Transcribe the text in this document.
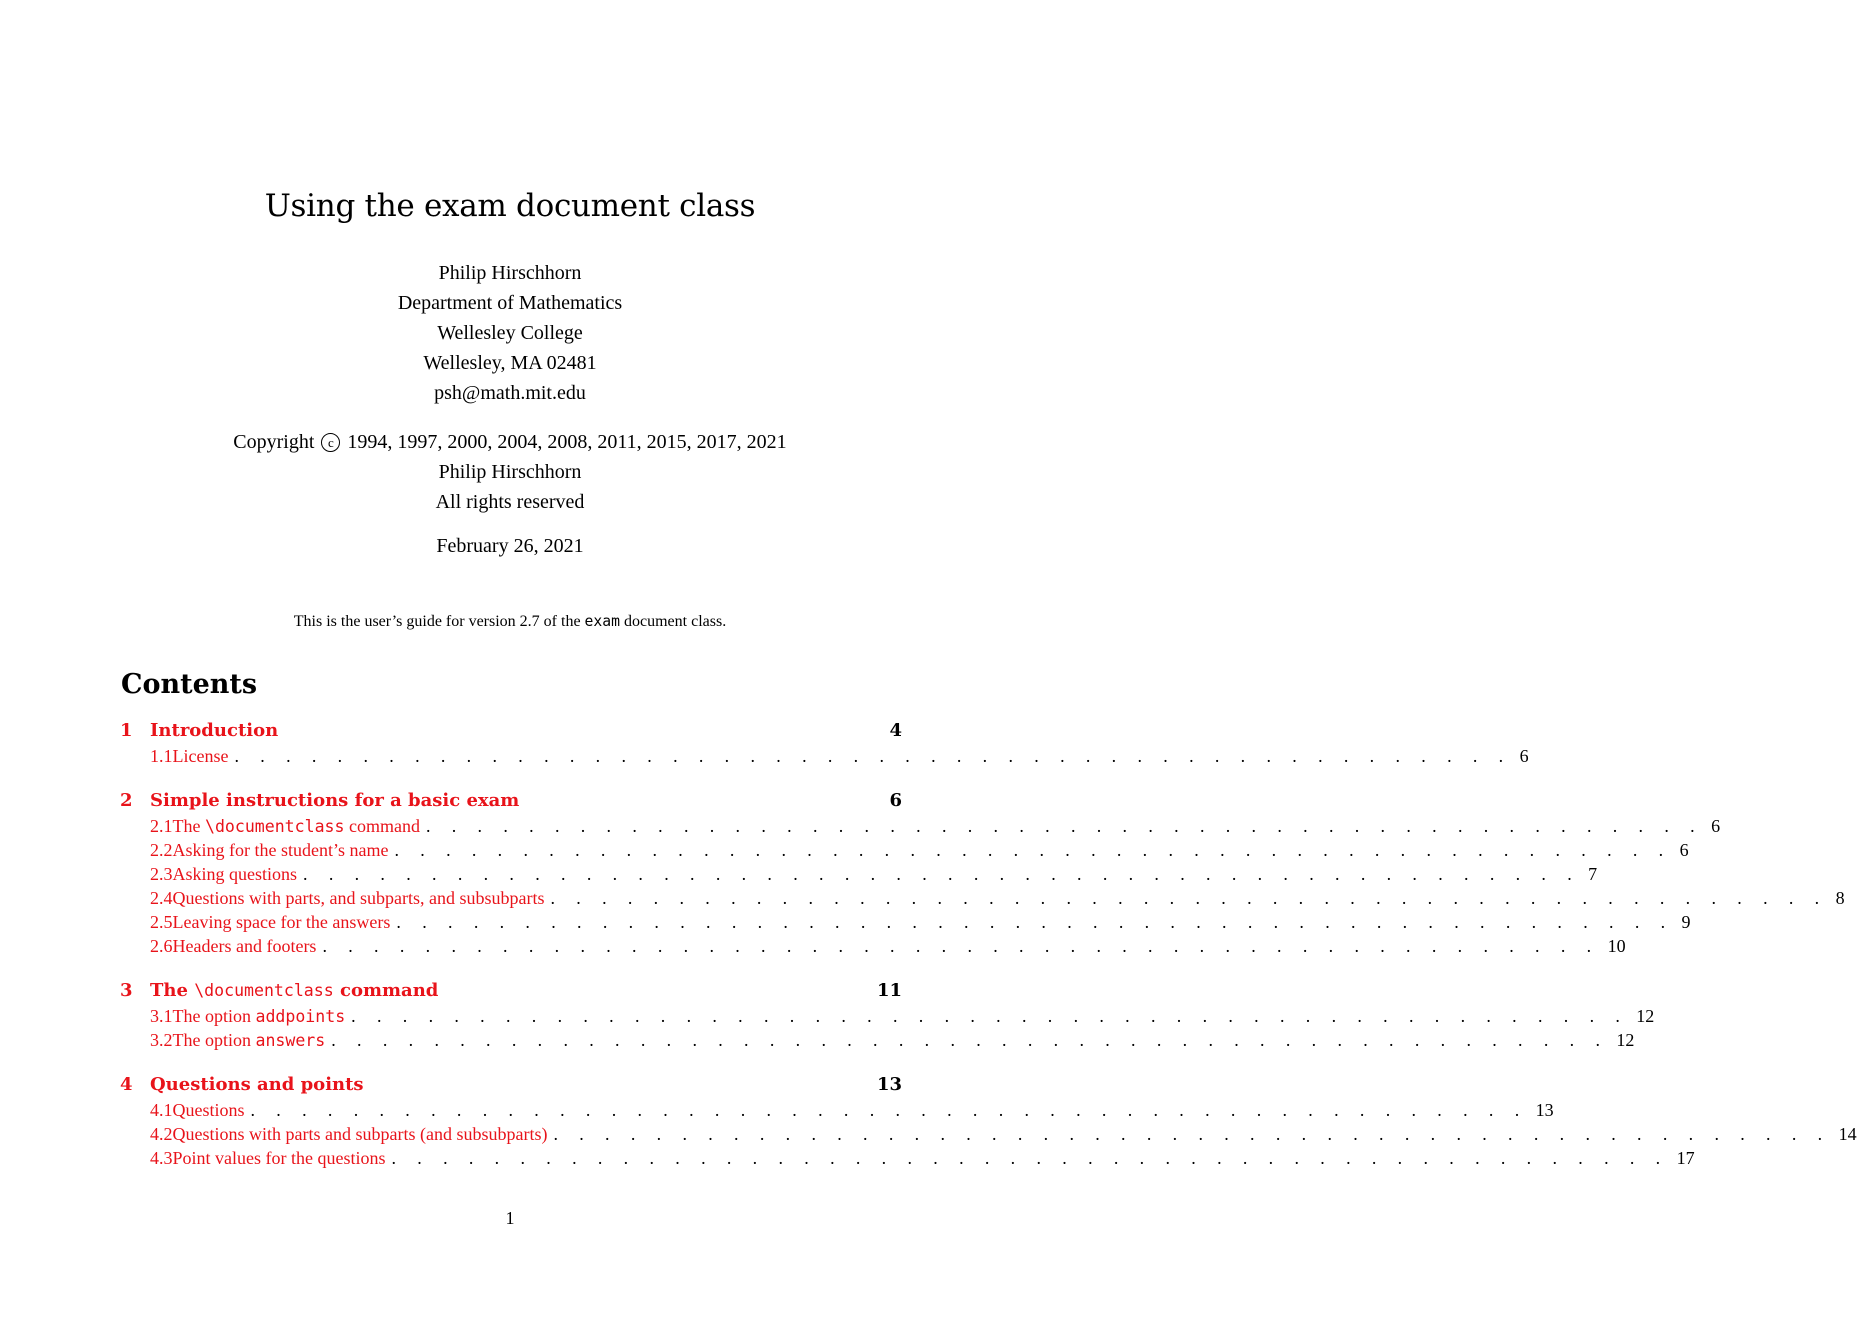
Using the exam document class
Philip Hirschhorn
Department of Mathematics
Wellesley College
Wellesley, MA 02481
psh@math.mit.edu
Copyright c 1994, 1997, 2000, 2004, 2008, 2011, 2015, 2017, 2021
Philip Hirschhorn
All rights reserved
February 26, 2021
This is the user’s guide for version 2.7 of the exam document class.
Contents
1 Introduction	4
1.1 License . . . . . . . . . . . . . . . . . . . . . . . . . . . . . . . . . . . . . . . . . . . . . . . . . . 6
2 Simple instructions for a basic exam	6
2.1 The \documentclass command . . . . . . . . . . . . . . . . . . . . . . . . . . . . . . . . . . . . . . . . . . . . . . . . . . 6
2.2 Asking for the student’s name . . . . . . . . . . . . . . . . . . . . . . . . . . . . . . . . . . . . . . . . . . . . . . . . . . 6
2.3 Asking questions . . . . . . . . . . . . . . . . . . . . . . . . . . . . . . . . . . . . . . . . . . . . . . . . . . 7
2.4 Questions with parts, and subparts, and subsubparts . . . . . . . . . . . . . . . . . . . . . . . . . . . . . . . . . . . . . . . . . . . . . . . . . . 8
2.5 Leaving space for the answers . . . . . . . . . . . . . . . . . . . . . . . . . . . . . . . . . . . . . . . . . . . . . . . . . . 9
2.6 Headers and footers . . . . . . . . . . . . . . . . . . . . . . . . . . . . . . . . . . . . . . . . . . . . . . . . . . 10
3 The \documentclass command	11
3.1 The option addpoints . . . . . . . . . . . . . . . . . . . . . . . . . . . . . . . . . . . . . . . . . . . . . . . . . . 12
3.2 The option answers . . . . . . . . . . . . . . . . . . . . . . . . . . . . . . . . . . . . . . . . . . . . . . . . . . 12
4 Questions and points	13
4.1 Questions . . . . . . . . . . . . . . . . . . . . . . . . . . . . . . . . . . . . . . . . . . . . . . . . . . 13
4.2 Questions with parts and subparts (and subsubparts) . . . . . . . . . . . . . . . . . . . . . . . . . . . . . . . . . . . . . . . . . . . . . . . . . . 14
4.3 Point values for the questions . . . . . . . . . . . . . . . . . . . . . . . . . . . . . . . . . . . . . . . . . . . . . . . . . . 17
1
